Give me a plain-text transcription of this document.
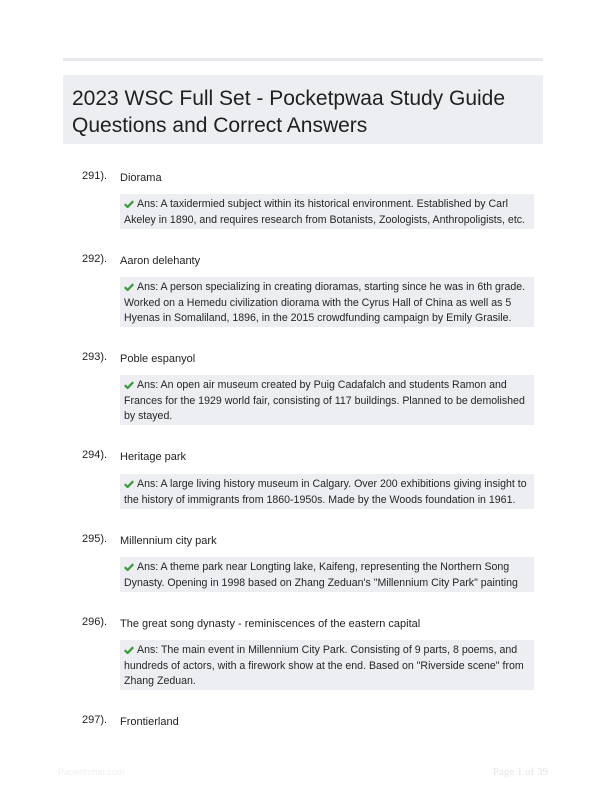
2023 WSC Full Set - Pocketpwaa Study Guide
Questions and Correct Answers
291). Diorama
Ans: A taxidermied subject within its historical environment. Established by Carl Akeley in 1890, and requires research from Botanists, Zoologists, Anthropoligists, etc.
292). Aaron delehanty
Ans: A person specializing in creating dioramas, starting since he was in 6th grade. Worked on a Hemedu civilization diorama with the Cyrus Hall of China as well as 5 Hyenas in Somaliland, 1896, in the 2015 crowdfunding campaign by Emily Grasile.
293). Poble espanyol
Ans: An open air museum created by Puig Cadafalch and students Ramon and Frances for the 1929 world fair, consisting of 117 buildings. Planned to be demolished by stayed.
294). Heritage park
Ans: A large living history museum in Calgary. Over 200 exhibitions giving insight to the history of immigrants from 1860-1950s. Made by the Woods foundation in 1961.
295). Millennium city park
Ans: A theme park near Longting lake, Kaifeng, representing the Northern Song Dynasty. Opening in 1998 based on Zhang Zeduan's "Millennium City Park" painting
296). The great song dynasty - reminiscences of the eastern capital
Ans: The main event in Millennium City Park. Consisting of 9 parts, 8 poems, and hundreds of actors, with a firework show at the end. Based on "Riverside scene" from Zhang Zeduan.
297). Frontierland
Papertrotter.com	Page 1 of 39
